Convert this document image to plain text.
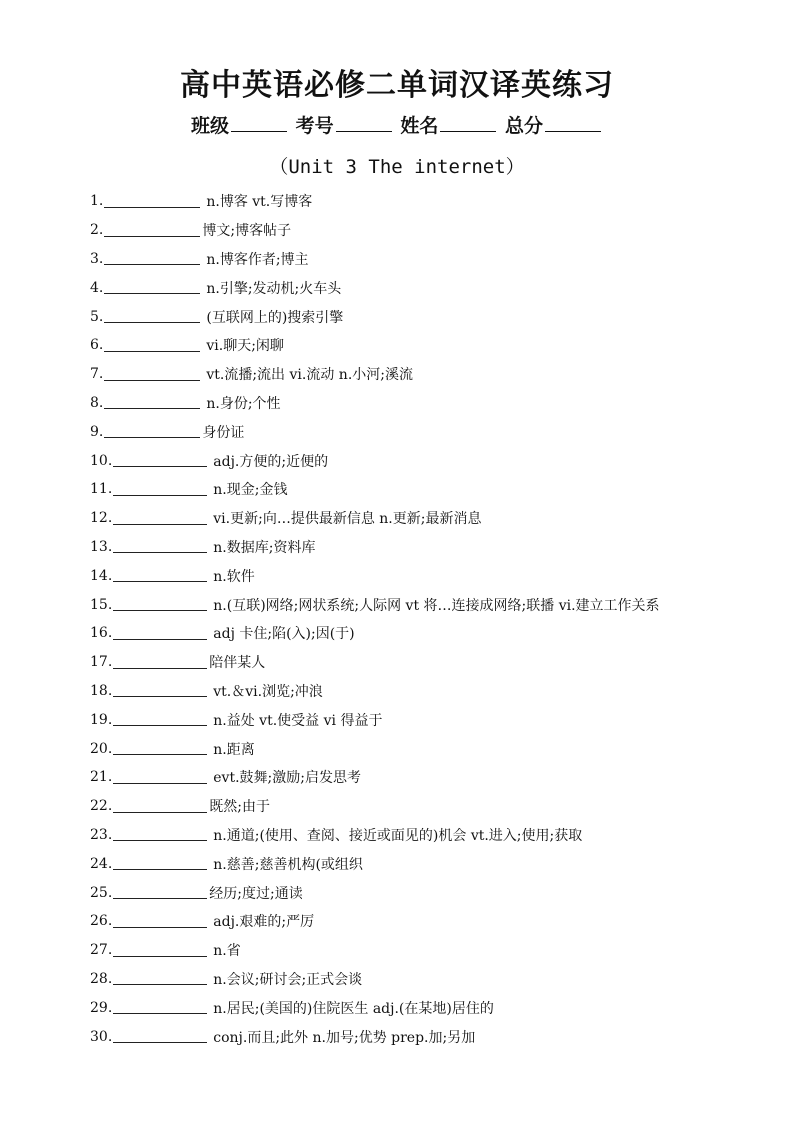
高中英语必修二单词汉译英练习
班级	考号	姓名	总分
（Unit 3 The internet）
1.	n.博客 vt.写博客
2.	博文;博客帖子
3.	n.博客作者;博主
4.	n.引擎;发动机;火车头
5.	(互联网上的)搜索引擎
6.	vi.聊天;闲聊
7.	vt.流播;流出 vi.流动 n.小河;溪流
8.	n.身份;个性
9.	身份证
10.	adj.方便的;近便的
11.	n.现金;金钱
12.	vi.更新;向…提供最新信息 n.更新;最新消息
13.	n.数据库;资料库
14.	n.软件
15.	n.(互联)网络;网状系统;人际网 vt 将…连接成网络;联播 vi.建立工作关系
16.	adj 卡住;陷(入);因(于)
17.	陪伴某人
18.	vt.＆vi.浏览;冲浪
19.	n.益处 vt.使受益 vi 得益于
20.	n.距离
21.	evt.鼓舞;激励;启发思考
22.	既然;由于
23.	n.通道;(使用、查阅、接近或面见的)机会 vt.进入;使用;获取
24.	n.慈善;慈善机构(或组织
25.	经历;度过;通读
26.	adj.艰难的;严厉
27.	n.省
28.	n.会议;研讨会;正式会谈
29.	n.居民;(美国的)住院医生 adj.(在某地)居住的
30.	conj.而且;此外 n.加号;优势 prep.加;另加
